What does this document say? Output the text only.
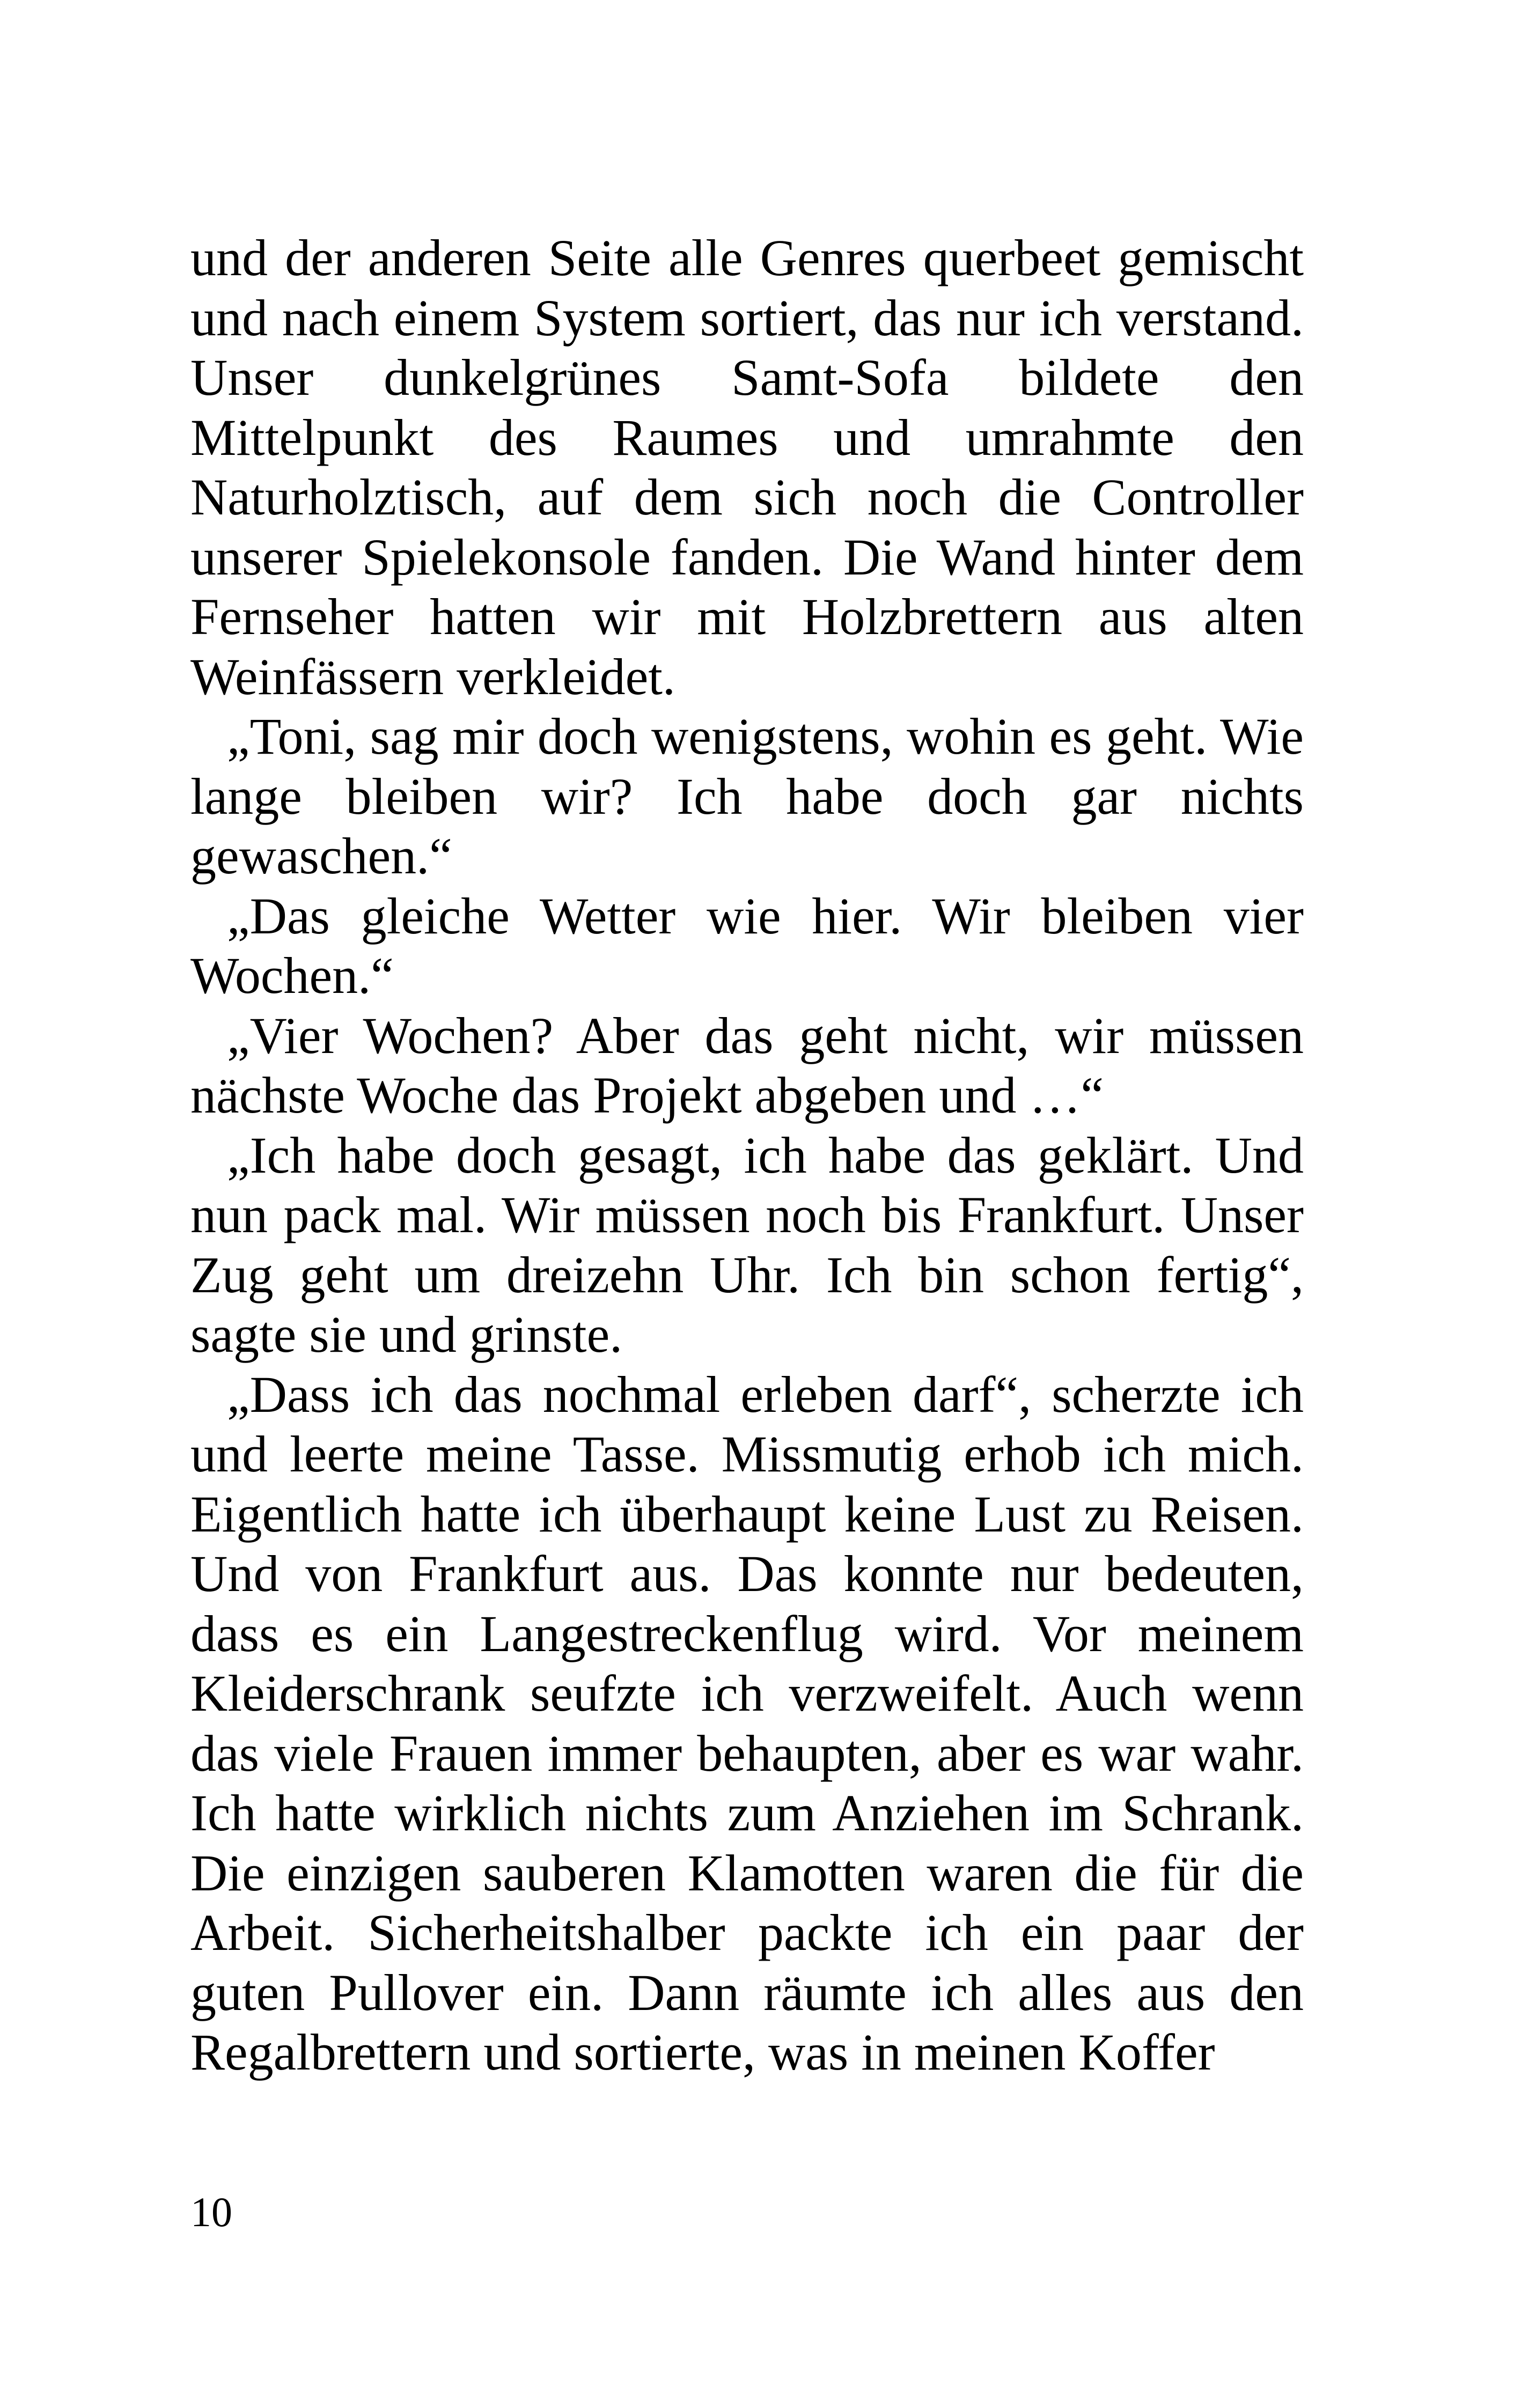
und der anderen Seite alle Genres querbeet gemischt und nach einem System sortiert, das nur ich verstand. Unser dunkelgrünes Samt-Sofa bildete den Mittelpunkt des Raumes und umrahmte den Naturholztisch, auf dem sich noch die Controller unserer Spielekonsole fanden. Die Wand hinter dem Fernseher hatten wir mit Holzbrettern aus alten Weinfässern verkleidet.

„Toni, sag mir doch wenigstens, wohin es geht. Wie lange bleiben wir? Ich habe doch gar nichts gewaschen.“

„Das gleiche Wetter wie hier. Wir bleiben vier Wochen.“

„Vier Wochen? Aber das geht nicht, wir müssen nächste Woche das Projekt abgeben und …“

„Ich habe doch gesagt, ich habe das geklärt. Und nun pack mal. Wir müssen noch bis Frankfurt. Unser Zug geht um dreizehn Uhr. Ich bin schon fertig“, sagte sie und grinste.

„Dass ich das nochmal erleben darf“, scherzte ich und leerte meine Tasse. Missmutig erhob ich mich. Eigentlich hatte ich überhaupt keine Lust zu Reisen. Und von Frankfurt aus. Das konnte nur bedeuten, dass es ein Langestreckenflug wird. Vor meinem Kleiderschrank seufzte ich verzweifelt. Auch wenn das viele Frauen immer behaupten, aber es war wahr. Ich hatte wirklich nichts zum Anziehen im Schrank. Die einzigen sauberen Klamotten waren die für die Arbeit. Sicherheitshalber packte ich ein paar der guten Pullover ein. Dann räumte ich alles aus den Regalbrettern und sortierte, was in meinen Koffer

10
